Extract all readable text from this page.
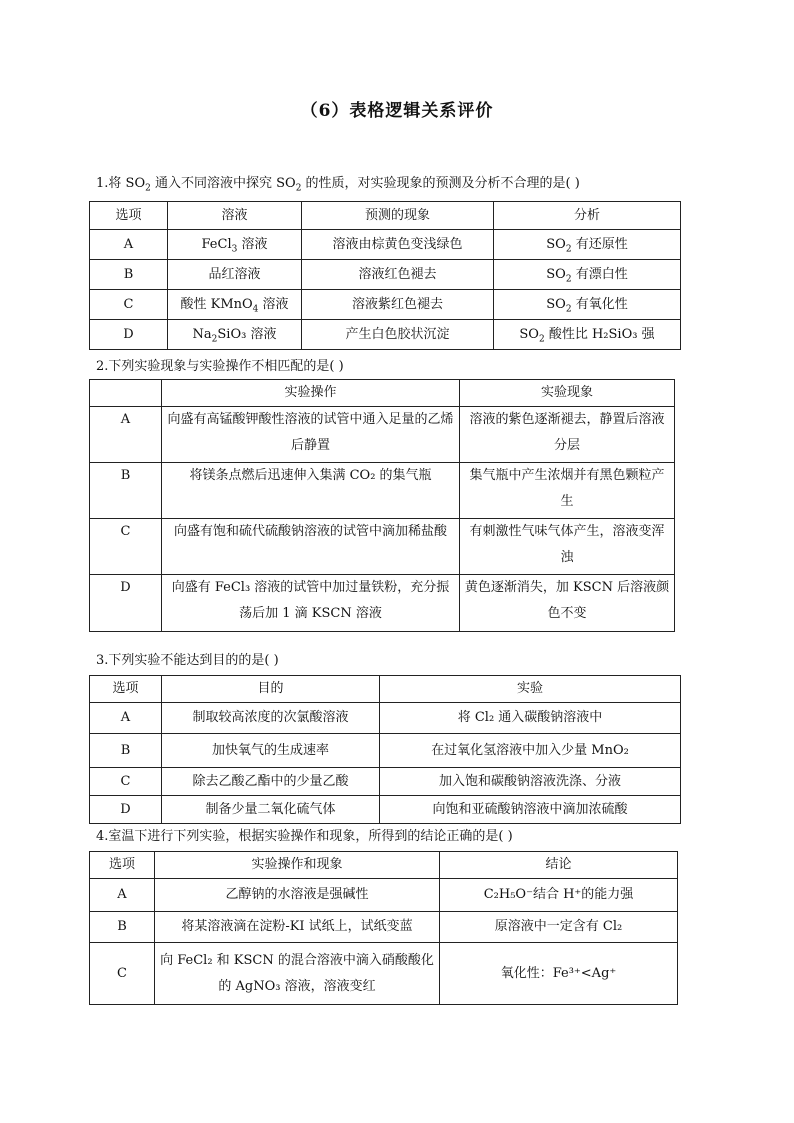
（6）表格逻辑关系评价
1.将 $SO_2$ 通入不同溶液中探究 $SO_2$ 的性质，对实验现象的预测及分析不合理的是( )
选项	溶液	预测的现象	分析
A	FeCl$_3$ 溶液	溶液由棕黄色变浅绿色	$SO_2$ 有还原性
B	品红溶液	溶液红色褪去	$SO_2$ 有漂白性
C	酸性 KMnO$_4$ 溶液	溶液紫红色褪去	$SO_2$ 有氧化性
D	$Na_2SiO_3$ 溶液	产生白色胶状沉淀	$SO_2$ 酸性比 H₂SiO₃ 强
2.下列实验现象与实验操作不相匹配的是( )
	实验操作	实验现象
A	向盛有高锰酸钾酸性溶液的试管中通入足量的乙烯后静置	溶液的紫色逐渐褪去，静置后溶液分层
B	将镁条点燃后迅速伸入集满 CO₂ 的集气瓶	集气瓶中产生浓烟并有黑色颗粒产生
C	向盛有饱和硫代硫酸钠溶液的试管中滴加稀盐酸	有刺激性气味气体产生，溶液变浑浊
D	向盛有 FeCl₃ 溶液的试管中加过量铁粉，充分振荡后加 1 滴 KSCN 溶液	黄色逐渐消失，加 KSCN 后溶液颜色不变
3.下列实验不能达到目的的是( )
选项	目的	实验
A	制取较高浓度的次氯酸溶液	将 Cl₂ 通入碳酸钠溶液中
B	加快氧气的生成速率	在过氧化氢溶液中加入少量 MnO₂
C	除去乙酸乙酯中的少量乙酸	加入饱和碳酸钠溶液洗涤、分液
D	制备少量二氧化硫气体	向饱和亚硫酸钠溶液中滴加浓硫酸
4.室温下进行下列实验，根据实验操作和现象，所得到的结论正确的是( )
选项	实验操作和现象	结论
A	乙醇钠的水溶液是强碱性	C₂H₅O⁻结合 H⁺的能力强
B	将某溶液滴在淀粉-KI 试纸上，试纸变蓝	原溶液中一定含有 Cl₂
C	向 FeCl₂ 和 KSCN 的混合溶液中滴入硝酸酸化的 AgNO₃ 溶液，溶液变红	氧化性：Fe³⁺<Ag⁺
